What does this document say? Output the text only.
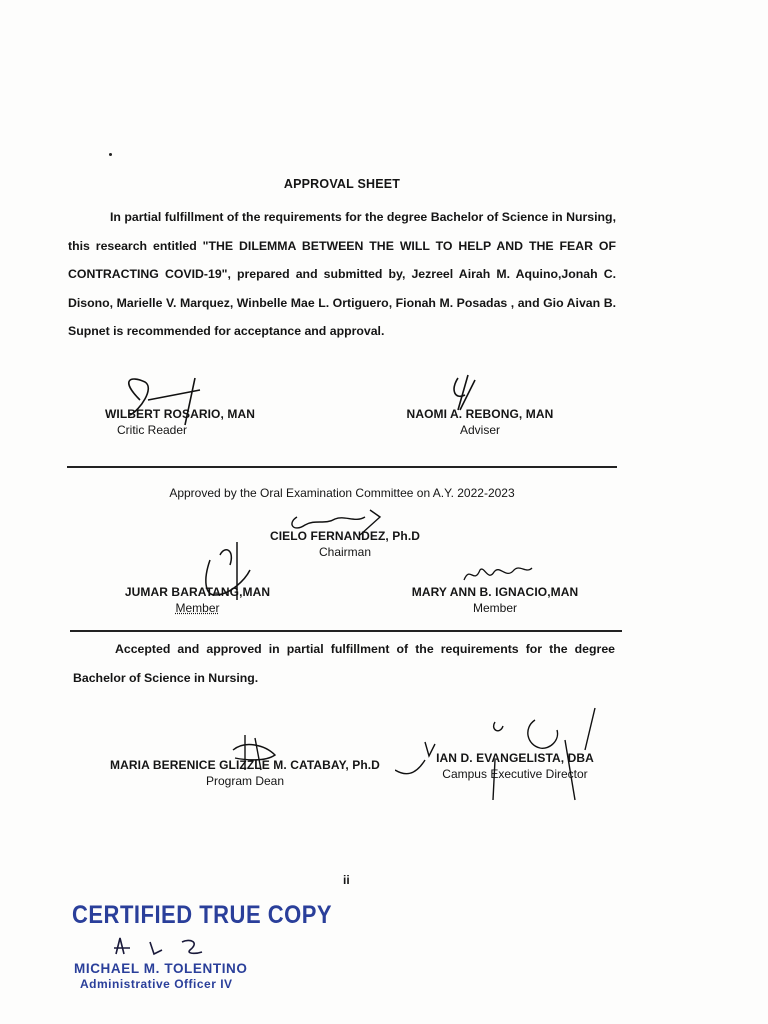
APPROVAL SHEET
In partial fulfillment of the requirements for the degree Bachelor of Science in Nursing, this research entitled "THE DILEMMA BETWEEN THE WILL TO HELP AND THE FEAR OF CONTRACTING COVID-19", prepared and submitted by, Jezreel Airah M. Aquino,Jonah C. Disono, Marielle V. Marquez, Winbelle Mae L. Ortiguero, Fionah M. Posadas , and Gio Aivan B. Supnet is recommended for acceptance and approval.
WILBERT ROSARIO, MAN
Critic Reader
NAOMI A. REBONG, MAN
Adviser
Approved by the Oral Examination Committee on A.Y. 2022-2023
CIELO FERNANDEZ, Ph.D
Chairman
JUMAR BARATANG,MAN
Member
MARY ANN B. IGNACIO,MAN
Member
Accepted and approved in partial fulfillment of the requirements for the degree Bachelor of Science in Nursing.
MARIA BERENICE GLIZZLE M. CATABAY, Ph.D
Program Dean
IAN D. EVANGELISTA, DBA
Campus Executive Director
ii
CERTIFIED TRUE COPY
MICHAEL M. TOLENTINO
Administrative Officer IV
